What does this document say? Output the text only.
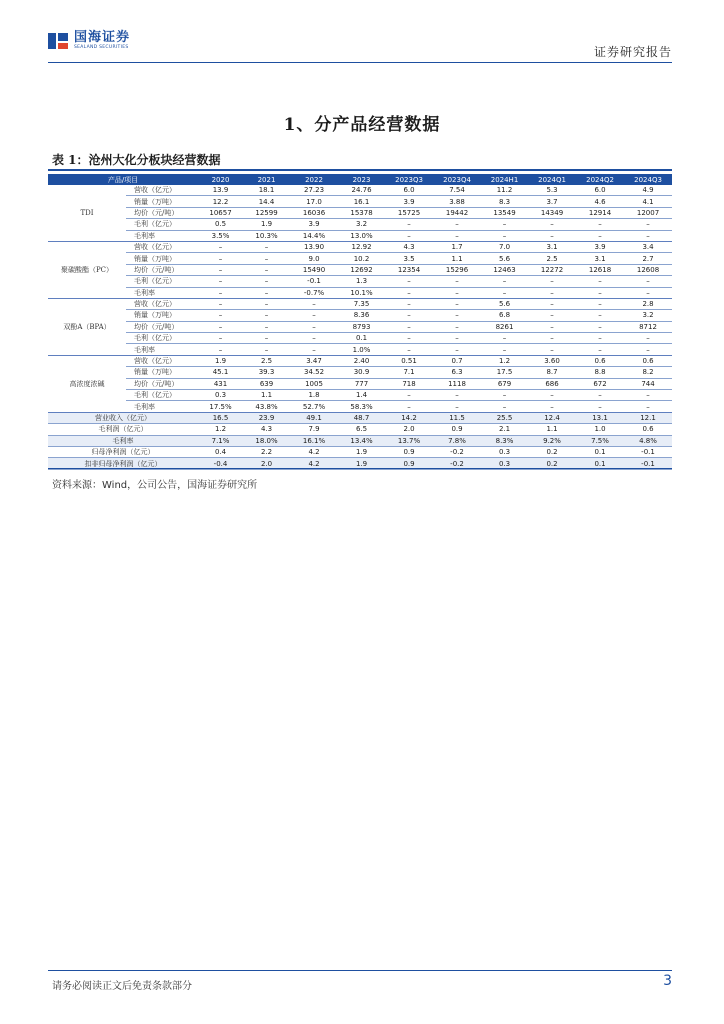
国海证券
SEALAND SECURITIES	证券研究报告
1、分产品经营数据
表 1：沧州大化分板块经营数据
产品/项目		2020	2021	2022	2023	2023Q3	2023Q4	2024H1	2024Q1	2024Q2	2024Q3
TDI	营收（亿元）	13.9	18.1	27.23	24.76	6.0	7.54	11.2	5.3	6.0	4.9
	销量（万吨）	12.2	14.4	17.0	16.1	3.9	3.88	8.3	3.7	4.6	4.1
	均价（元/吨）	10657	12599	16036	15378	15725	19442	13549	14349	12914	12007
	毛利（亿元）	0.5	1.9	3.9	3.2	–	–	–	–	–	–
	毛利率	3.5%	10.3%	14.4%	13.0%	–	–	–	–	–	–
聚碳酸酯（PC）	营收（亿元）	–	–	13.90	12.92	4.3	1.7	7.0	3.1	3.9	3.4
	销量（万吨）	–	–	9.0	10.2	3.5	1.1	5.6	2.5	3.1	2.7
	均价（元/吨）	–	–	15490	12692	12354	15296	12463	12272	12618	12608
	毛利（亿元）	–	–	-0.1	1.3	–	–	–	–	–	–
	毛利率	–	–	-0.7%	10.1%	–	–	–	–	–	–
双酚A（BPA）	营收（亿元）	–	–	–	7.35	–	–	5.6	–	–	2.8
	销量（万吨）	–	–	–	8.36	–	–	6.8	–	–	3.2
	均价（元/吨）	–	–	–	8793	–	–	8261	–	–	8712
	毛利（亿元）	–	–	–	0.1	–	–	–	–	–	–
	毛利率	–	–	–	1.0%	–	–	–	–	–	–
高浓度浓碱	营收（亿元）	1.9	2.5	3.47	2.40	0.51	0.7	1.2	3.60	0.6	0.6
	销量（万吨）	45.1	39.3	34.52	30.9	7.1	6.3	17.5	8.7	8.8	8.2
	均价（元/吨）	431	639	1005	777	718	1118	679	686	672	744
	毛利（亿元）	0.3	1.1	1.8	1.4	–	–	–	–	–	–
	毛利率	17.5%	43.8%	52.7%	58.3%	–	–	–	–	–	–
营业收入（亿元）		16.5	23.9	49.1	48.7	14.2	11.5	25.5	12.4	13.1	12.1
毛利润（亿元）		1.2	4.3	7.9	6.5	2.0	0.9	2.1	1.1	1.0	0.6
毛利率		7.1%	18.0%	16.1%	13.4%	13.7%	7.8%	8.3%	9.2%	7.5%	4.8%
归母净利润（亿元）		0.4	2.2	4.2	1.9	0.9	-0.2	0.3	0.2	0.1	-0.1
扣非归母净利润（亿元）		-0.4	2.0	4.2	1.9	0.9	-0.2	0.3	0.2	0.1	-0.1
资料来源：Wind，公司公告，国海证券研究所
请务必阅读正文后免责条款部分	3
